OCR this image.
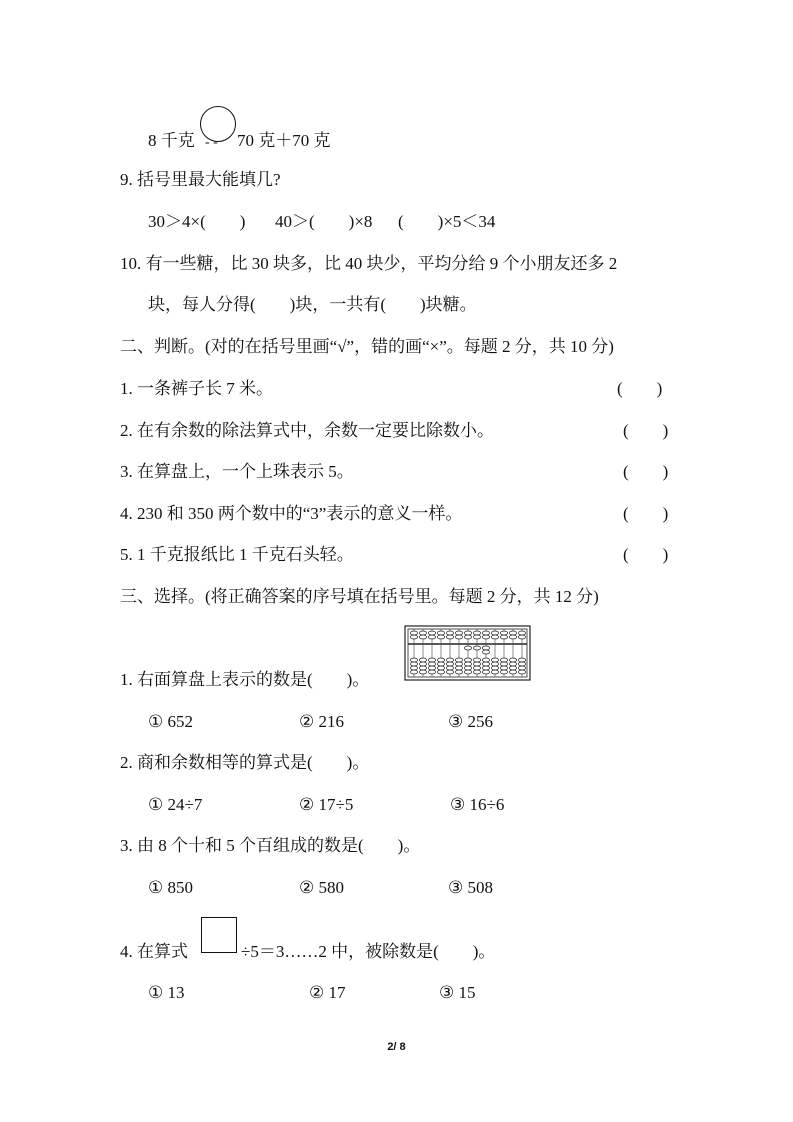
8 千克 - - 70 克＋70 克
9. 括号里最大能填几?
30＞4×(　　) 40＞(　　)×8 (　　)×5＜34
10. 有一些糖，比 30 块多，比 40 块少，平均分给 9 个小朋友还多 2
块，每人分得(　　)块，一共有(　　)块糖。
二、判断。(对的在括号里画“√”，错的画“×”。每题 2 分，共 10 分)
1. 一条裤子长 7 米。	(　　)
2. 在有余数的除法算式中，余数一定要比除数小。	(　　)
3. 在算盘上，一个上珠表示 5。	(　　)
4. 230 和 350 两个数中的“3”表示的意义一样。	(　　)
5. 1 千克报纸比 1 千克石头轻。	(　　)
三、选择。(将正确答案的序号填在括号里。每题 2 分，共 12 分)
1. 右面算盘上表示的数是(　　)。
① 652	② 216	③ 256
2. 商和余数相等的算式是(　　)。
① 24÷7	② 17÷5	③ 16÷6
3. 由 8 个十和 5 个百组成的数是(　　)。
① 850	② 580	③ 508
4. 在算式	÷5＝3……2 中，被除数是(　　)。
① 13	② 17	③ 15
2/ 8
